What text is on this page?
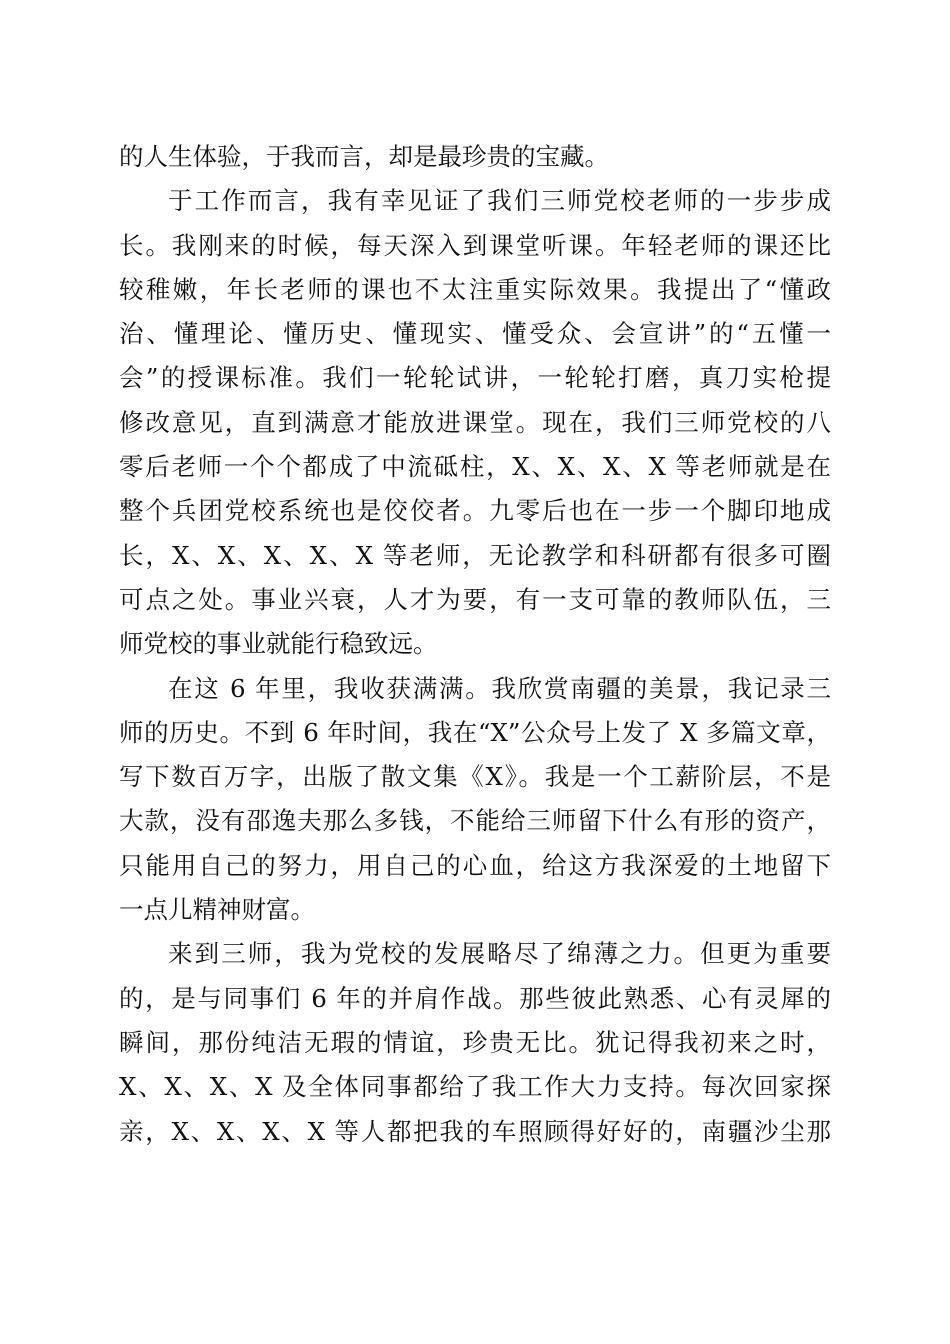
的人生体验，于我而言，却是最珍贵的宝藏。
于工作而言，我有幸见证了我们三师党校老师的一步步成
长。我刚来的时候，每天深入到课堂听课。年轻老师的课还比
较稚嫩，年长老师的课也不太注重实际效果。我提出了“懂政
治、懂理论、懂历史、懂现实、懂受众、会宣讲”的“五懂一
会”的授课标准。我们一轮轮试讲，一轮轮打磨，真刀实枪提
修改意见，直到满意才能放进课堂。现在，我们三师党校的八
零后老师一个个都成了中流砥柱，X、X、X、X 等老师就是在
整个兵团党校系统也是佼佼者。九零后也在一步一个脚印地成
长，X、X、X、X、X 等老师，无论教学和科研都有很多可圈
可点之处。事业兴衰，人才为要，有一支可靠的教师队伍，三
师党校的事业就能行稳致远。
在这 6 年里，我收获满满。我欣赏南疆的美景，我记录三
师的历史。不到 6 年时间，我在“X”公众号上发了 X 多篇文章，
写下数百万字，出版了散文集《X》。我是一个工薪阶层，不是
大款，没有邵逸夫那么多钱，不能给三师留下什么有形的资产，
只能用自己的努力，用自己的心血，给这方我深爱的土地留下
一点儿精神财富。
来到三师，我为党校的发展略尽了绵薄之力。但更为重要
的，是与同事们 6 年的并肩作战。那些彼此熟悉、心有灵犀的
瞬间，那份纯洁无瑕的情谊，珍贵无比。犹记得我初来之时，
X、X、X、X 及全体同事都给了我工作大力支持。每次回家探
亲，X、X、X、X 等人都把我的车照顾得好好的，南疆沙尘那
